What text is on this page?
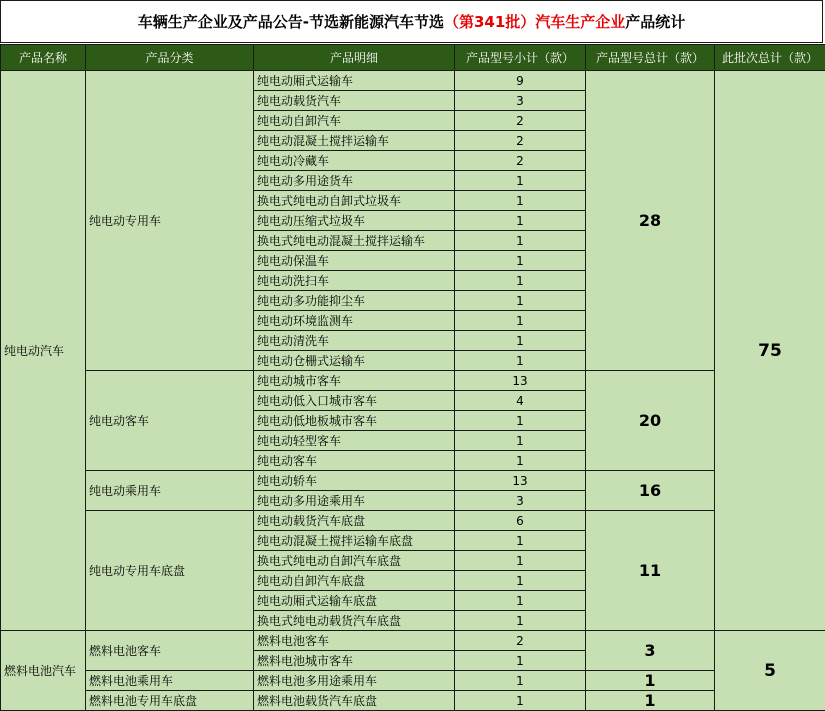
车辆生产企业及产品公告-节选新能源汽车节选 （第341批）汽车生产企业 产品统计
产品名称	产品分类	产品明细	产品型号小计（款）	产品型号总计（款）	此批次总计（款）
纯电动汽车	纯电动专用车	纯电动厢式运输车	9	28	75
		纯电动载货汽车	3		
		纯电动自卸汽车	2		
		纯电动混凝土搅拌运输车	2		
		纯电动冷藏车	2		
		纯电动多用途货车	1		
		换电式纯电动自卸式垃圾车	1		
		纯电动压缩式垃圾车	1		
		换电式纯电动混凝土搅拌运输车	1		
		纯电动保温车	1		
		纯电动洗扫车	1		
		纯电动多功能抑尘车	1		
		纯电动环境监测车	1		
		纯电动清洗车	1		
		纯电动仓栅式运输车	1		
	纯电动客车	纯电动城市客车	13	20	
		纯电动低入口城市客车	4		
		纯电动低地板城市客车	1		
		纯电动轻型客车	1		
		纯电动客车	1		
	纯电动乘用车	纯电动轿车	13	16	
		纯电动多用途乘用车	3		
	纯电动专用车底盘	纯电动载货汽车底盘	6	11	
		纯电动混凝土搅拌运输车底盘	1		
		换电式纯电动自卸汽车底盘	1		
		纯电动自卸汽车底盘	1		
		纯电动厢式运输车底盘	1		
		换电式纯电动载货汽车底盘	1		
燃料电池汽车	燃料电池客车	燃料电池客车	2	3	5
		燃料电池城市客车	1		
	燃料电池乘用车	燃料电池多用途乘用车	1	1	
	燃料电池专用车底盘	燃料电池载货汽车底盘	1	1	
